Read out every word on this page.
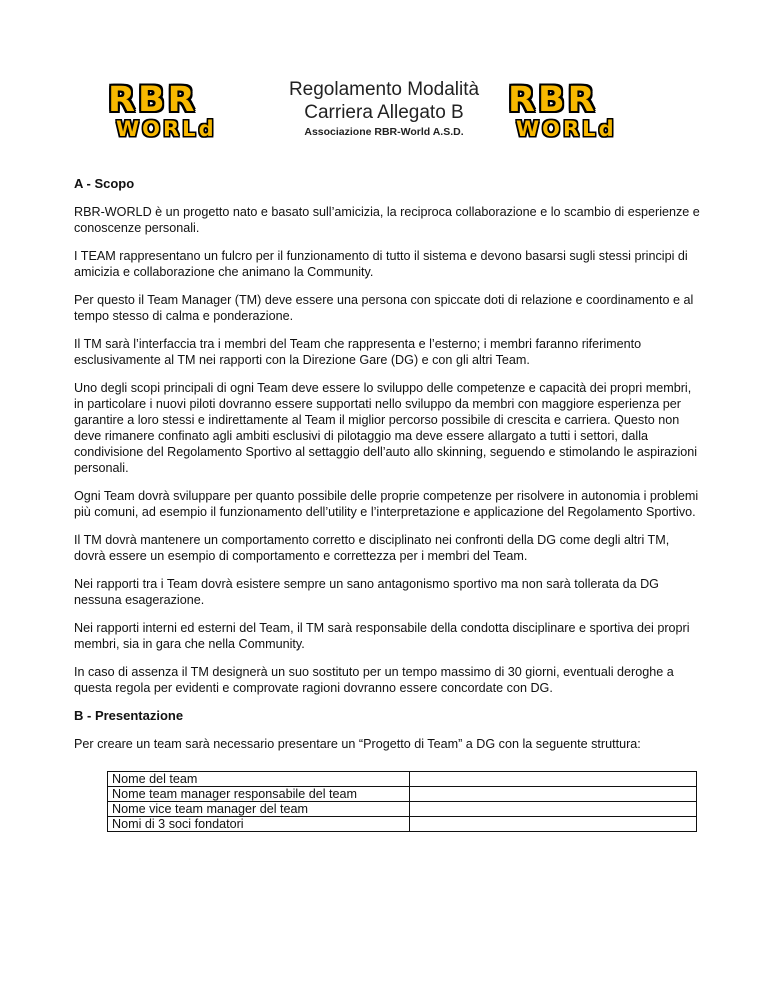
RBR
WORLd
Regolamento Modalità
Carriera Allegato B
Associazione RBR-World A.S.D.
RBR
WORLd
A - Scopo

RBR-WORLD è un progetto nato e basato sull’amicizia, la reciproca collaborazione e lo scambio di esperienze e conoscenze personali.

I TEAM rappresentano un fulcro per il funzionamento di tutto il sistema e devono basarsi sugli stessi principi di amicizia e collaborazione che animano la Community.

Per questo il Team Manager (TM) deve essere una persona con spiccate doti di relazione e coordinamento e al tempo stesso di calma e ponderazione.

Il TM sarà l’interfaccia tra i membri del Team che rappresenta e l’esterno; i membri faranno riferimento esclusivamente al TM nei rapporti con la Direzione Gare (DG) e con gli altri Team.

Uno degli scopi principali di ogni Team deve essere lo sviluppo delle competenze e capacità dei propri membri, in particolare i nuovi piloti dovranno essere supportati nello sviluppo da membri con maggiore esperienza per garantire a loro stessi e indirettamente al Team il miglior percorso possibile di crescita e carriera. Questo non deve rimanere confinato agli ambiti esclusivi di pilotaggio ma deve essere allargato a tutti i settori, dalla condivisione del Regolamento Sportivo al settaggio dell’auto allo skinning, seguendo e stimolando le aspirazioni personali.

Ogni Team dovrà sviluppare per quanto possibile delle proprie competenze per risolvere in autonomia i problemi più comuni, ad esempio il funzionamento dell’utility e l’interpretazione e applicazione del Regolamento Sportivo.

Il TM dovrà mantenere un comportamento corretto e disciplinato nei confronti della DG come degli altri TM, dovrà essere un esempio di comportamento e correttezza per i membri del Team.

Nei rapporti tra i Team dovrà esistere sempre un sano antagonismo sportivo ma non sarà tollerata da DG nessuna esagerazione.

Nei rapporti interni ed esterni del Team, il TM sarà responsabile della condotta disciplinare e sportiva dei propri membri, sia in gara che nella Community.

In caso di assenza il TM designerà un suo sostituto per un tempo massimo di 30 giorni, eventuali deroghe a questa regola per evidenti e comprovate ragioni dovranno essere concordate con DG.

B - Presentazione

Per creare un team sarà necessario presentare un “Progetto di Team” a DG con la seguente struttura:

Nome del team	
Nome team manager responsabile del team	
Nome vice team manager del team	
Nomi di 3 soci fondatori	
